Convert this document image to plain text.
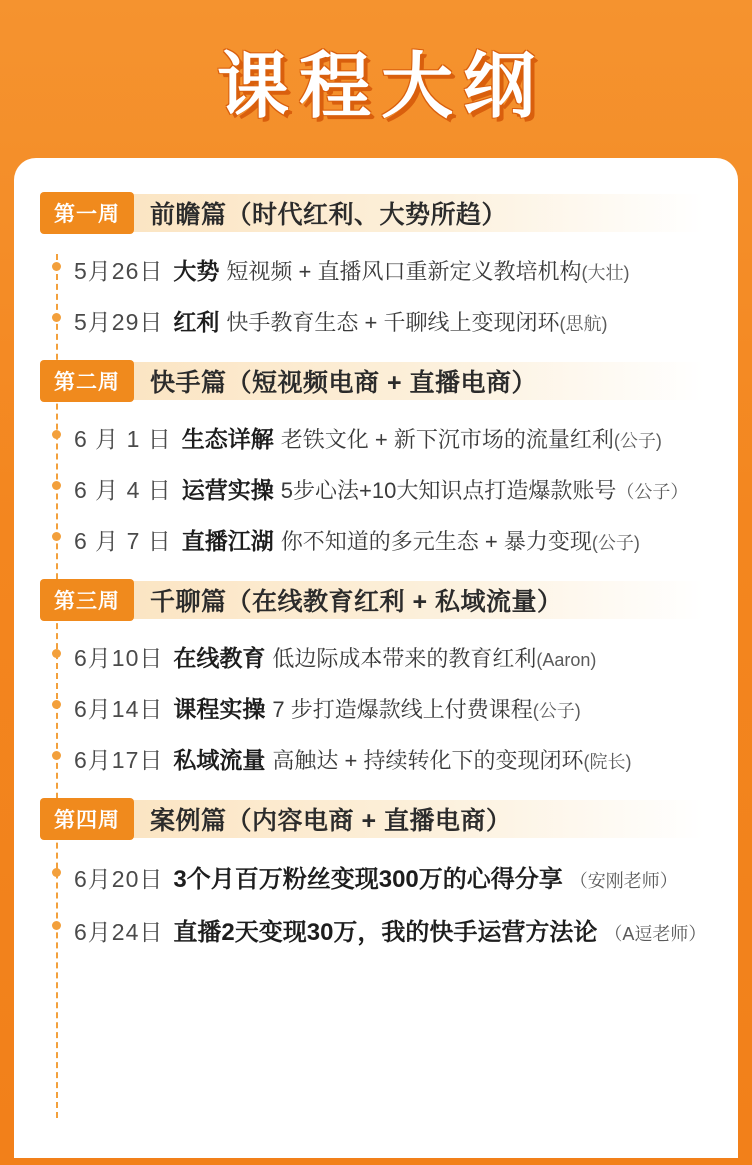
课程大纲
第一周	前瞻篇（时代红利、大势所趋）
5月26日 大势 短视频 + 直播风口重新定义教培机构 (大壮)
5月29日 红利 快手教育生态 + 千聊线上变现闭环 (思航)
第二周	快手篇（短视频电商 + 直播电商）
6 月 1 日 生态详解 老铁文化 + 新下沉市场的流量红利 (公子)
6 月 4 日 运营实操 5步心法+10大知识点打造爆款账号 （公子）
6 月 7 日 直播江湖 你不知道的多元生态 + 暴力变现 (公子)
第三周	千聊篇（在线教育红利 + 私域流量）
6月10日 在线教育 低边际成本带来的教育红利 (Aaron)
6月14日 课程实操 7 步打造爆款线上付费课程 (公子)
6月17日 私域流量 高触达 + 持续转化下的变现闭环 (院长)
第四周	案例篇（内容电商 + 直播电商）
6月20日 3个月百万粉丝变现300万的心得分享 （安刚老师）
6月24日 直播2天变现30万，我的快手运营方法论 （A逗老师）
